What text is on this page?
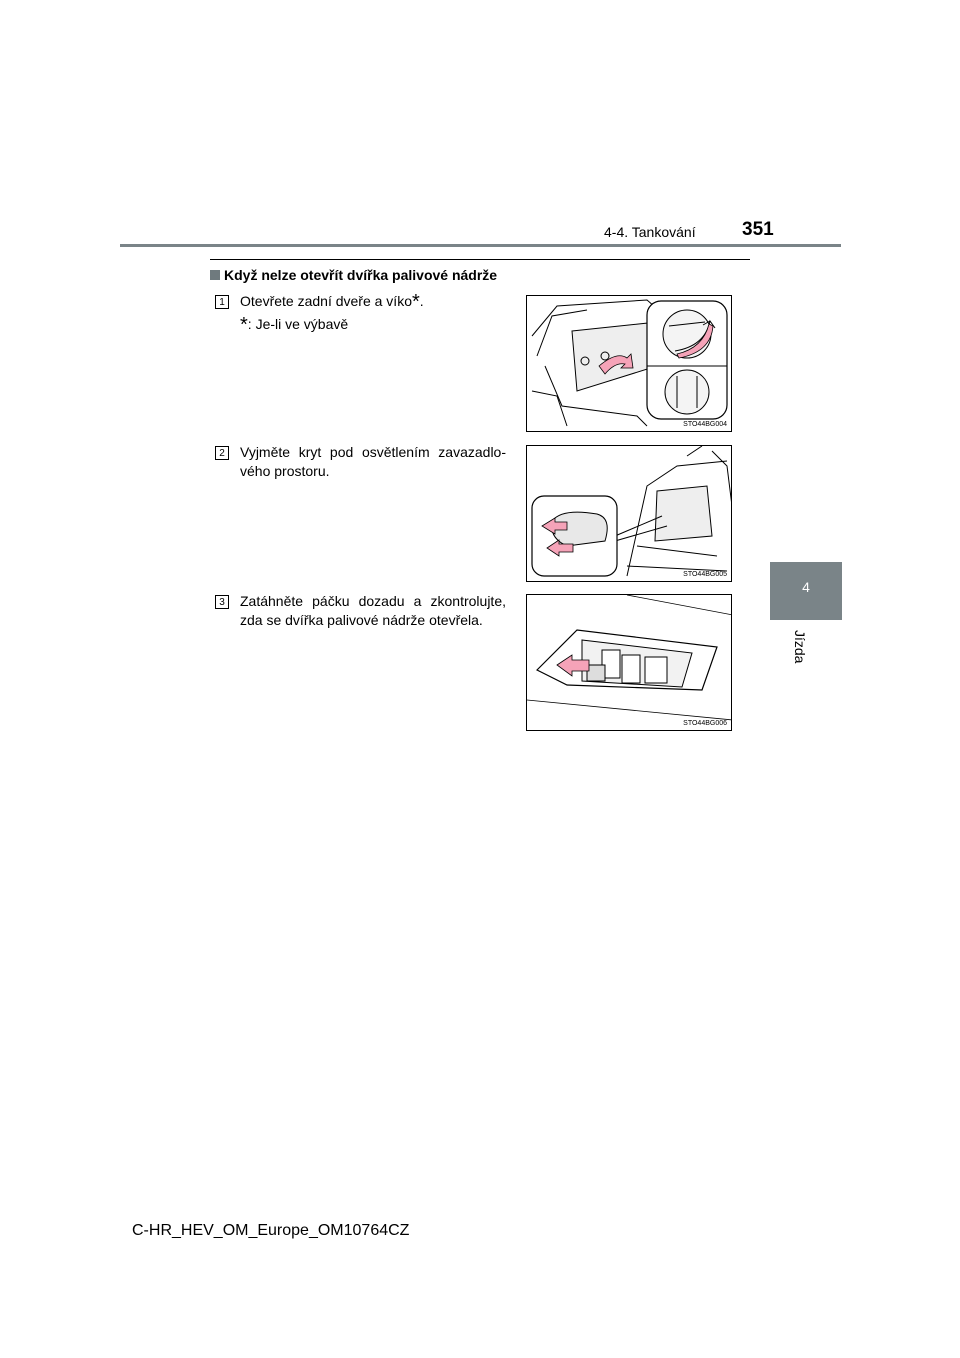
4-4. Tankování 351
4
Jízda
Když nelze otevřít dvířka palivové nádrže
1	Otevřete zadní dveře a víko*.
*: Je-li ve výbavě
STO44BG004
2	Vyjměte kryt pod osvětlením zavazadlo-vého prostoru.
STO44BG005
3	Zatáhněte páčku dozadu a zkontrolujte, zda se dvířka palivové nádrže otevřela.
STO44BG006
C-HR_HEV_OM_Europe_OM10764CZ
